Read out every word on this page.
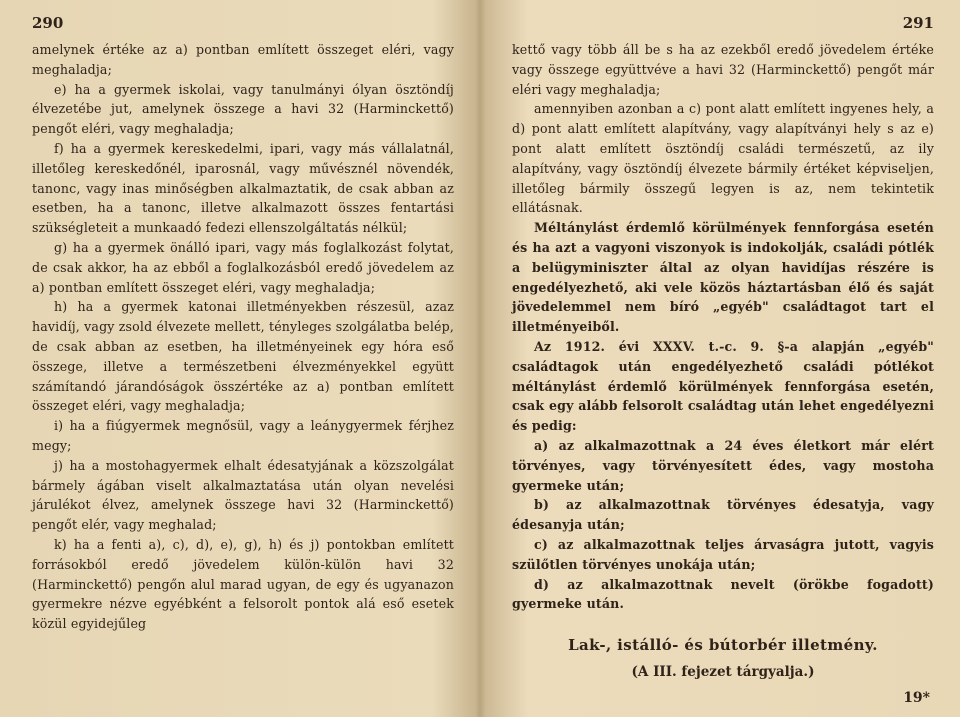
290

amelynek értéke az a) pontban említett összeget eléri, vagy meghaladja;

e) ha a gyermek iskolai, vagy tanulmányi ólyan ösztöndíj élvezetébe jut, amelynek összege a havi 32 (Harminckettő) pengőt eléri, vagy meghaladja;

f) ha a gyermek kereskedelmi, ipari, vagy más vállalatnál, illetőleg kereskedőnél, iparosnál, vagy művésznél növendék, tanonc, vagy inas minőségben alkalmaztatik, de csak abban az esetben, ha a tanonc, illetve alkalmazott összes fentartási szükségleteit a munkaadó fedezi ellenszolgáltatás nélkül;

g) ha a gyermek önálló ipari, vagy más foglalkozást folytat, de csak akkor, ha az ebből a foglalkozásból eredő jövedelem az a) pontban említett összeget eléri, vagy meghaladja;

h) ha a gyermek katonai illetményekben részesül, azaz havidíj, vagy zsold élvezete mellett, tényleges szolgálatba belép, de csak abban az esetben, ha illetményeinek egy hóra eső összege, illetve a természetbeni élvezményekkel együtt számítandó járandóságok összértéke az a) pontban említett összeget eléri, vagy meghaladja;

i) ha a fiúgyermek megnősül, vagy a leánygyermek férjhez megy;

j) ha a mostohagyermek elhalt édesatyjának a közszolgálat bármely ágában viselt alkalmaztatása után olyan nevelési járulékot élvez, amelynek összege havi 32 (Harminckettő) pengőt elér, vagy meghalad;

k) ha a fenti a), c), d), e), g), h) és j) pontokban említett forrásokból eredő jövedelem külön-külön havi 32 (Harminckettő) pengőn alul marad ugyan, de egy és ugyanazon gyermekre nézve egyébként a felsorolt pontok alá eső esetek közül egyidejűleg

291

kettő vagy több áll be s ha az ezekből eredő jövedelem értéke vagy összege együttvéve a havi 32 (Harminckettő) pengőt már eléri vagy meghaladja;

amennyiben azonban a c) pont alatt említett ingyenes hely, a d) pont alatt említett alapítvány, vagy alapítványi hely s az e) pont alatt említett ösztöndíj családi természetű, az ily alapítvány, vagy ösztöndíj élvezete bármily értéket képviseljen, illetőleg bármily összegű legyen is az, nem tekintetik ellátásnak.

Méltánylást érdemlő körülmények fennforgása esetén és ha azt a vagyoni viszonyok is indokolják, családi pótlék a belügyminiszter által az olyan havidíjas részére is engedélyezhető, aki vele közös háztartásban élő és saját jövedelemmel nem bíró „egyéb" családtagot tart el illetményeiből.

Az 1912. évi XXXV. t.-c. 9. §-a alapján „egyéb" családtagok után engedélyezhető családi pótlékot méltánylást érdemlő körülmények fennforgása esetén, csak egy alább felsorolt családtag után lehet engedélyezni és pedig:

a) az alkalmazottnak a 24 éves életkort már elért törvényes, vagy törvényesített édes, vagy mostoha gyermeke után;

b) az alkalmazottnak törvényes édesatyja, vagy édesanyja után;

c) az alkalmazottnak teljes árvaságra jutott, vagyis szülőtlen törvényes unokája után;

d) az alkalmazottnak nevelt (örökbe fogadott) gyermeke után.

Lak-, istálló- és bútorbér illetmény.
(A III. fejezet tárgyalja.)
19*
